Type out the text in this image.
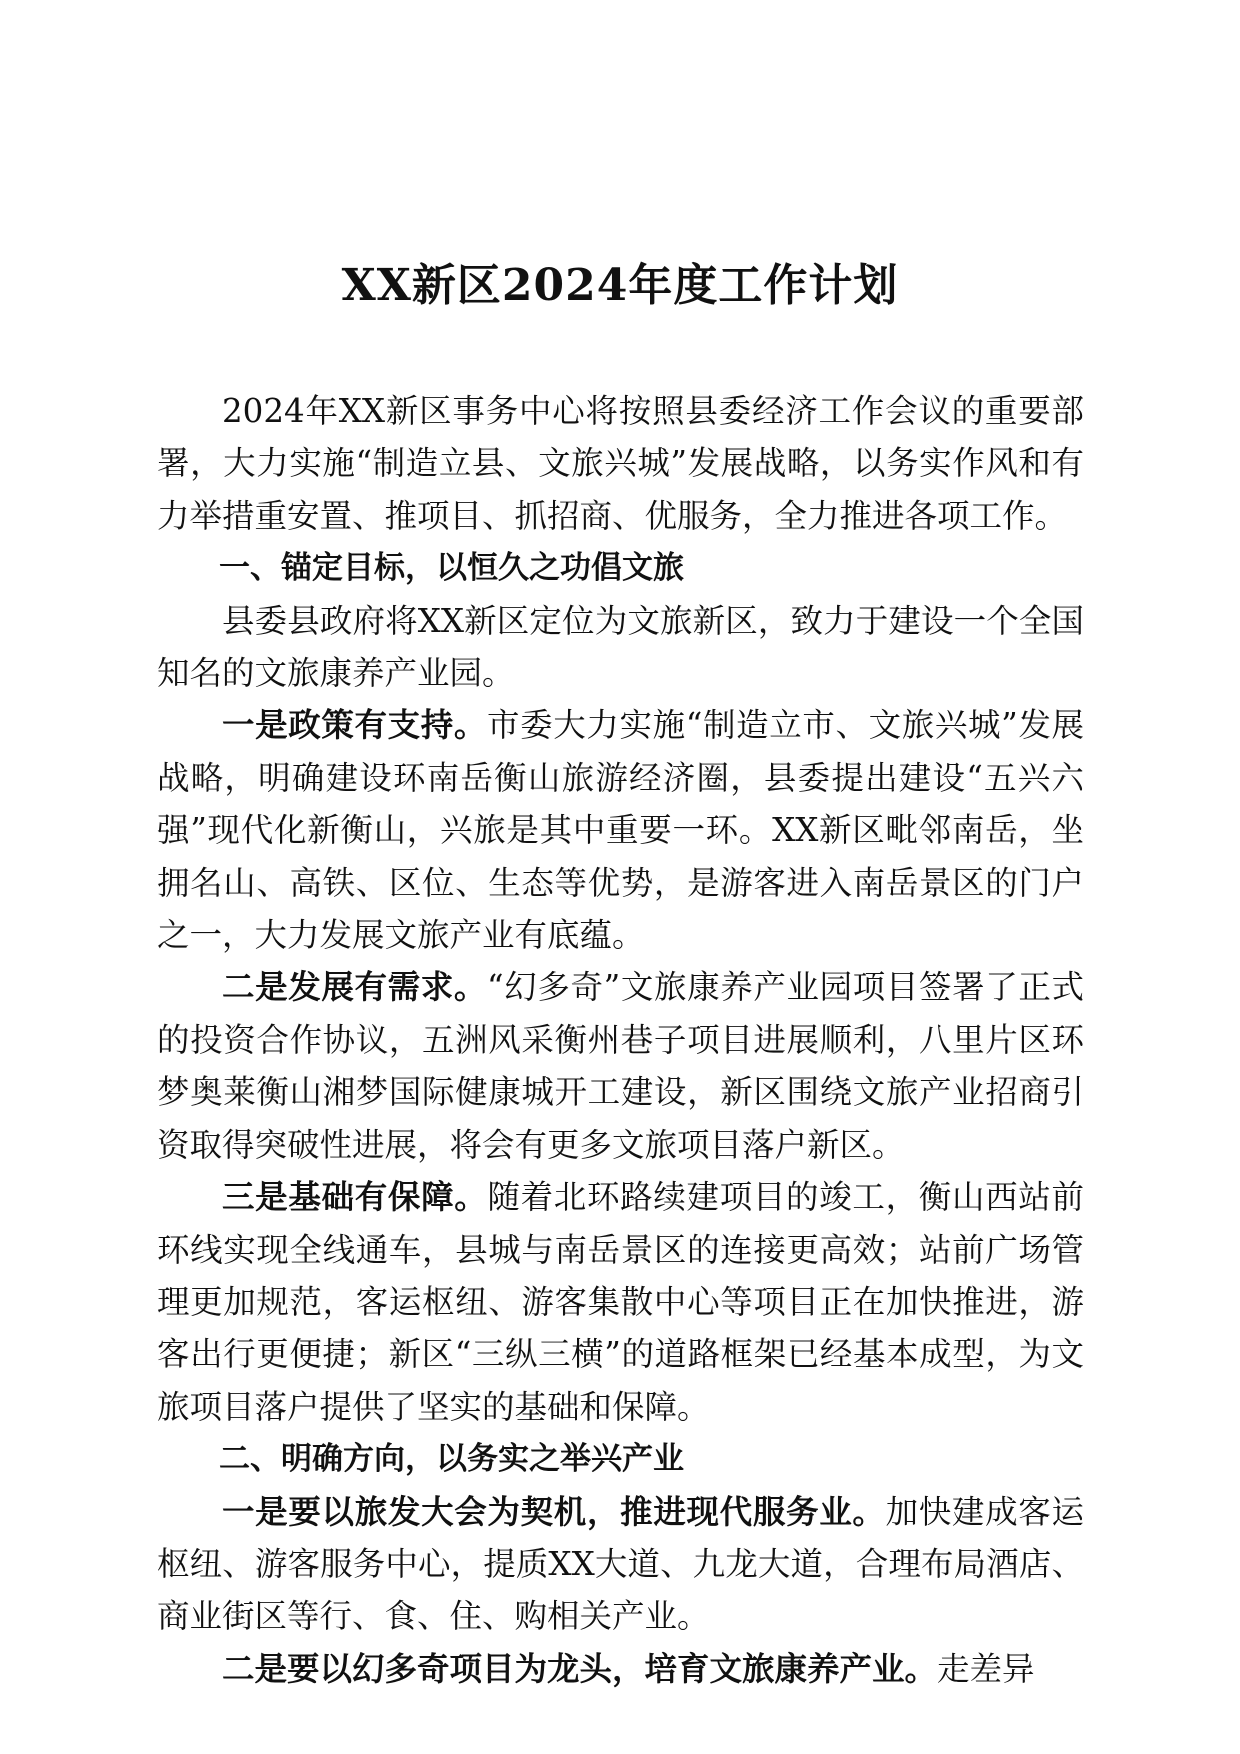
XX新区2024年度工作计划

2024年XX新区事务中心将按照县委经济工作会议的重要部署，大力实施“制造立县、文旅兴城”发展战略，以务实作风和有力举措重安置、推项目、抓招商、优服务，全力推进各项工作。

一、锚定目标，以恒久之功倡文旅

县委县政府将XX新区定位为文旅新区，致力于建设一个全国知名的文旅康养产业园。

一是政策有支持。市委大力实施“制造立市、文旅兴城”发展战略，明确建设环南岳衡山旅游经济圈，县委提出建设“五兴六强”现代化新衡山，兴旅是其中重要一环。XX新区毗邻南岳，坐拥名山、高铁、区位、生态等优势，是游客进入南岳景区的门户之一，大力发展文旅产业有底蕴。

二是发展有需求。“幻多奇”文旅康养产业园项目签署了正式的投资合作协议，五洲风采衡州巷子项目进展顺利，八里片区环梦奥莱衡山湘梦国际健康城开工建设，新区围绕文旅产业招商引资取得突破性进展，将会有更多文旅项目落户新区。

三是基础有保障。随着北环路续建项目的竣工，衡山西站前环线实现全线通车，县城与南岳景区的连接更高效；站前广场管理更加规范，客运枢纽、游客集散中心等项目正在加快推进，游客出行更便捷；新区“三纵三横”的道路框架已经基本成型，为文旅项目落户提供了坚实的基础和保障。

二、明确方向，以务实之举兴产业

一是要以旅发大会为契机，推进现代服务业。加快建成客运枢纽、游客服务中心，提质XX大道、九龙大道，合理布局酒店、商业街区等行、食、住、购相关产业。

二是要以幻多奇项目为龙头，培育文旅康养产业。走差异
